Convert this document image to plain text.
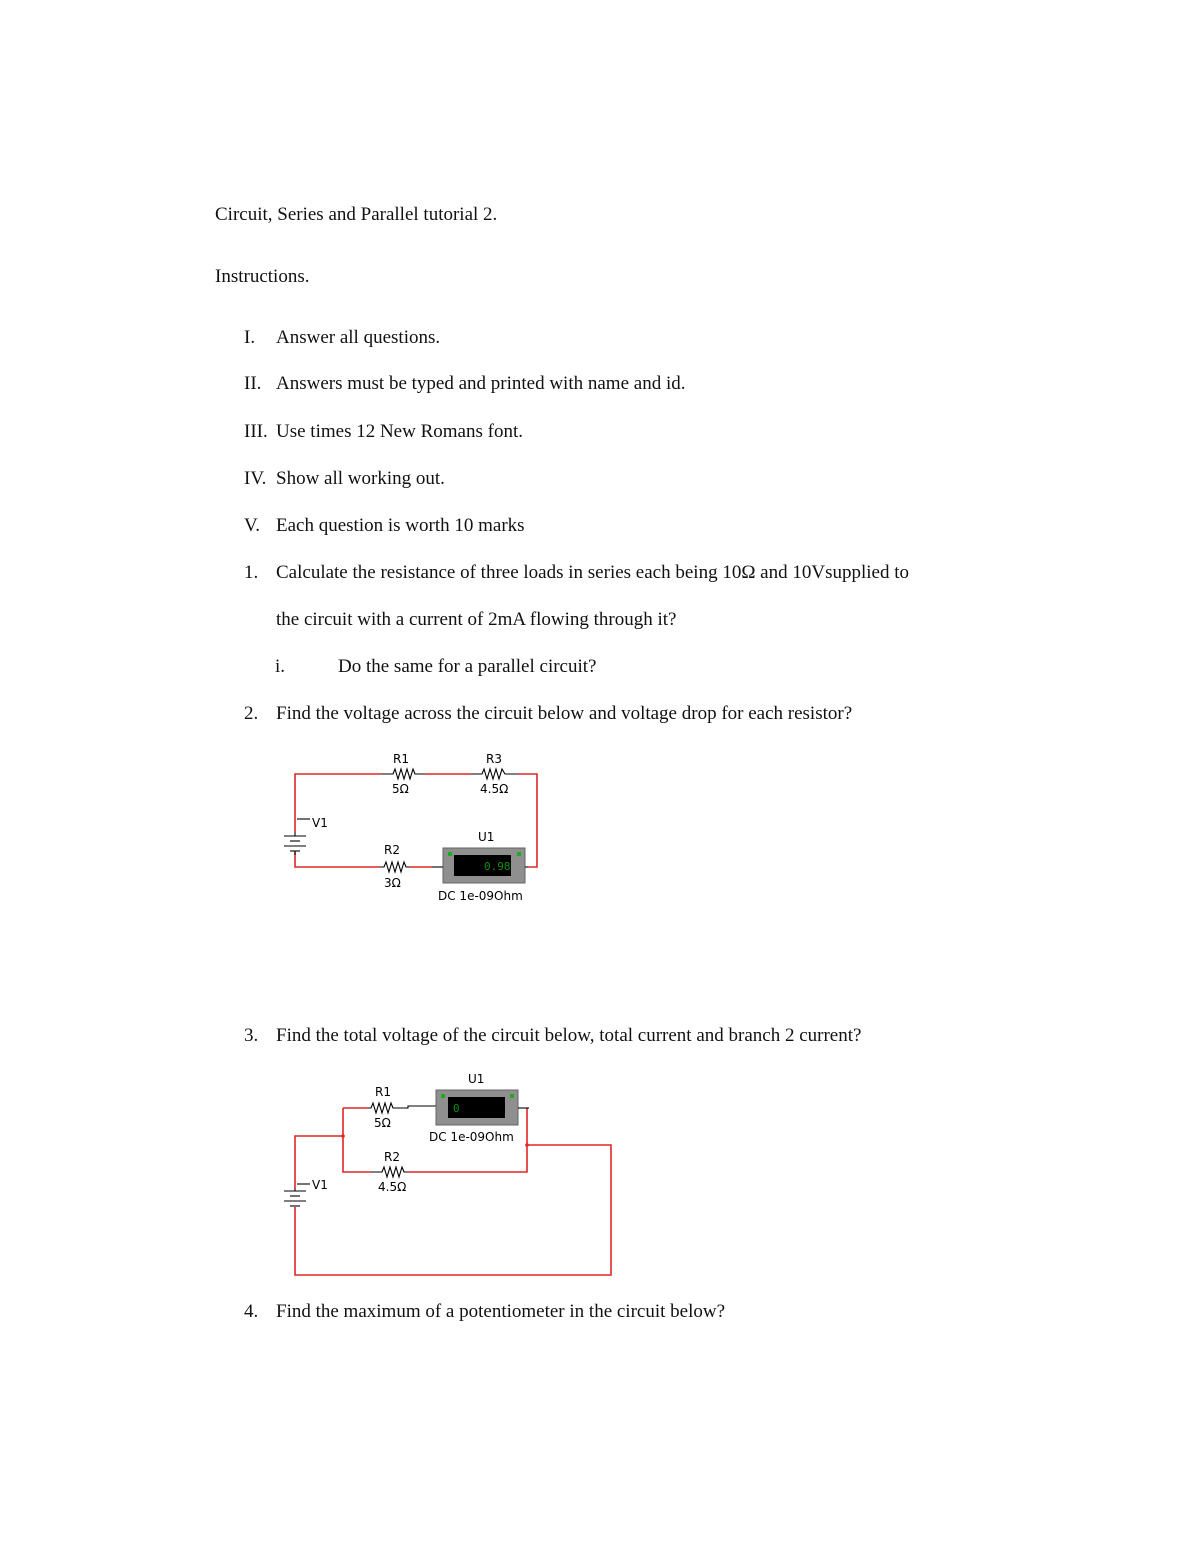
Circuit, Series and Parallel tutorial 2.
Instructions.
I. Answer all questions.
II. Answers must be typed and printed with name and id.
III. Use times 12 New Romans font.
IV. Show all working out.
V. Each question is worth 10 marks
1. Calculate the resistance of three loads in series each being 10Ω and 10Vsupplied to
the circuit with a current of 2mA flowing through it?
i.	Do the same for a parallel circuit?
2. Find the voltage across the circuit below and voltage drop for each resistor?
V1
R1
5Ω
R3
4.5Ω
R2
3Ω
U1
0.98
DC 1e-09Ohm
3. Find the total voltage of the circuit below, total current and branch 2 current?
V1
R1
5Ω
R2
4.5Ω
U1
0
DC 1e-09Ohm
4. Find the maximum of a potentiometer in the circuit below?
